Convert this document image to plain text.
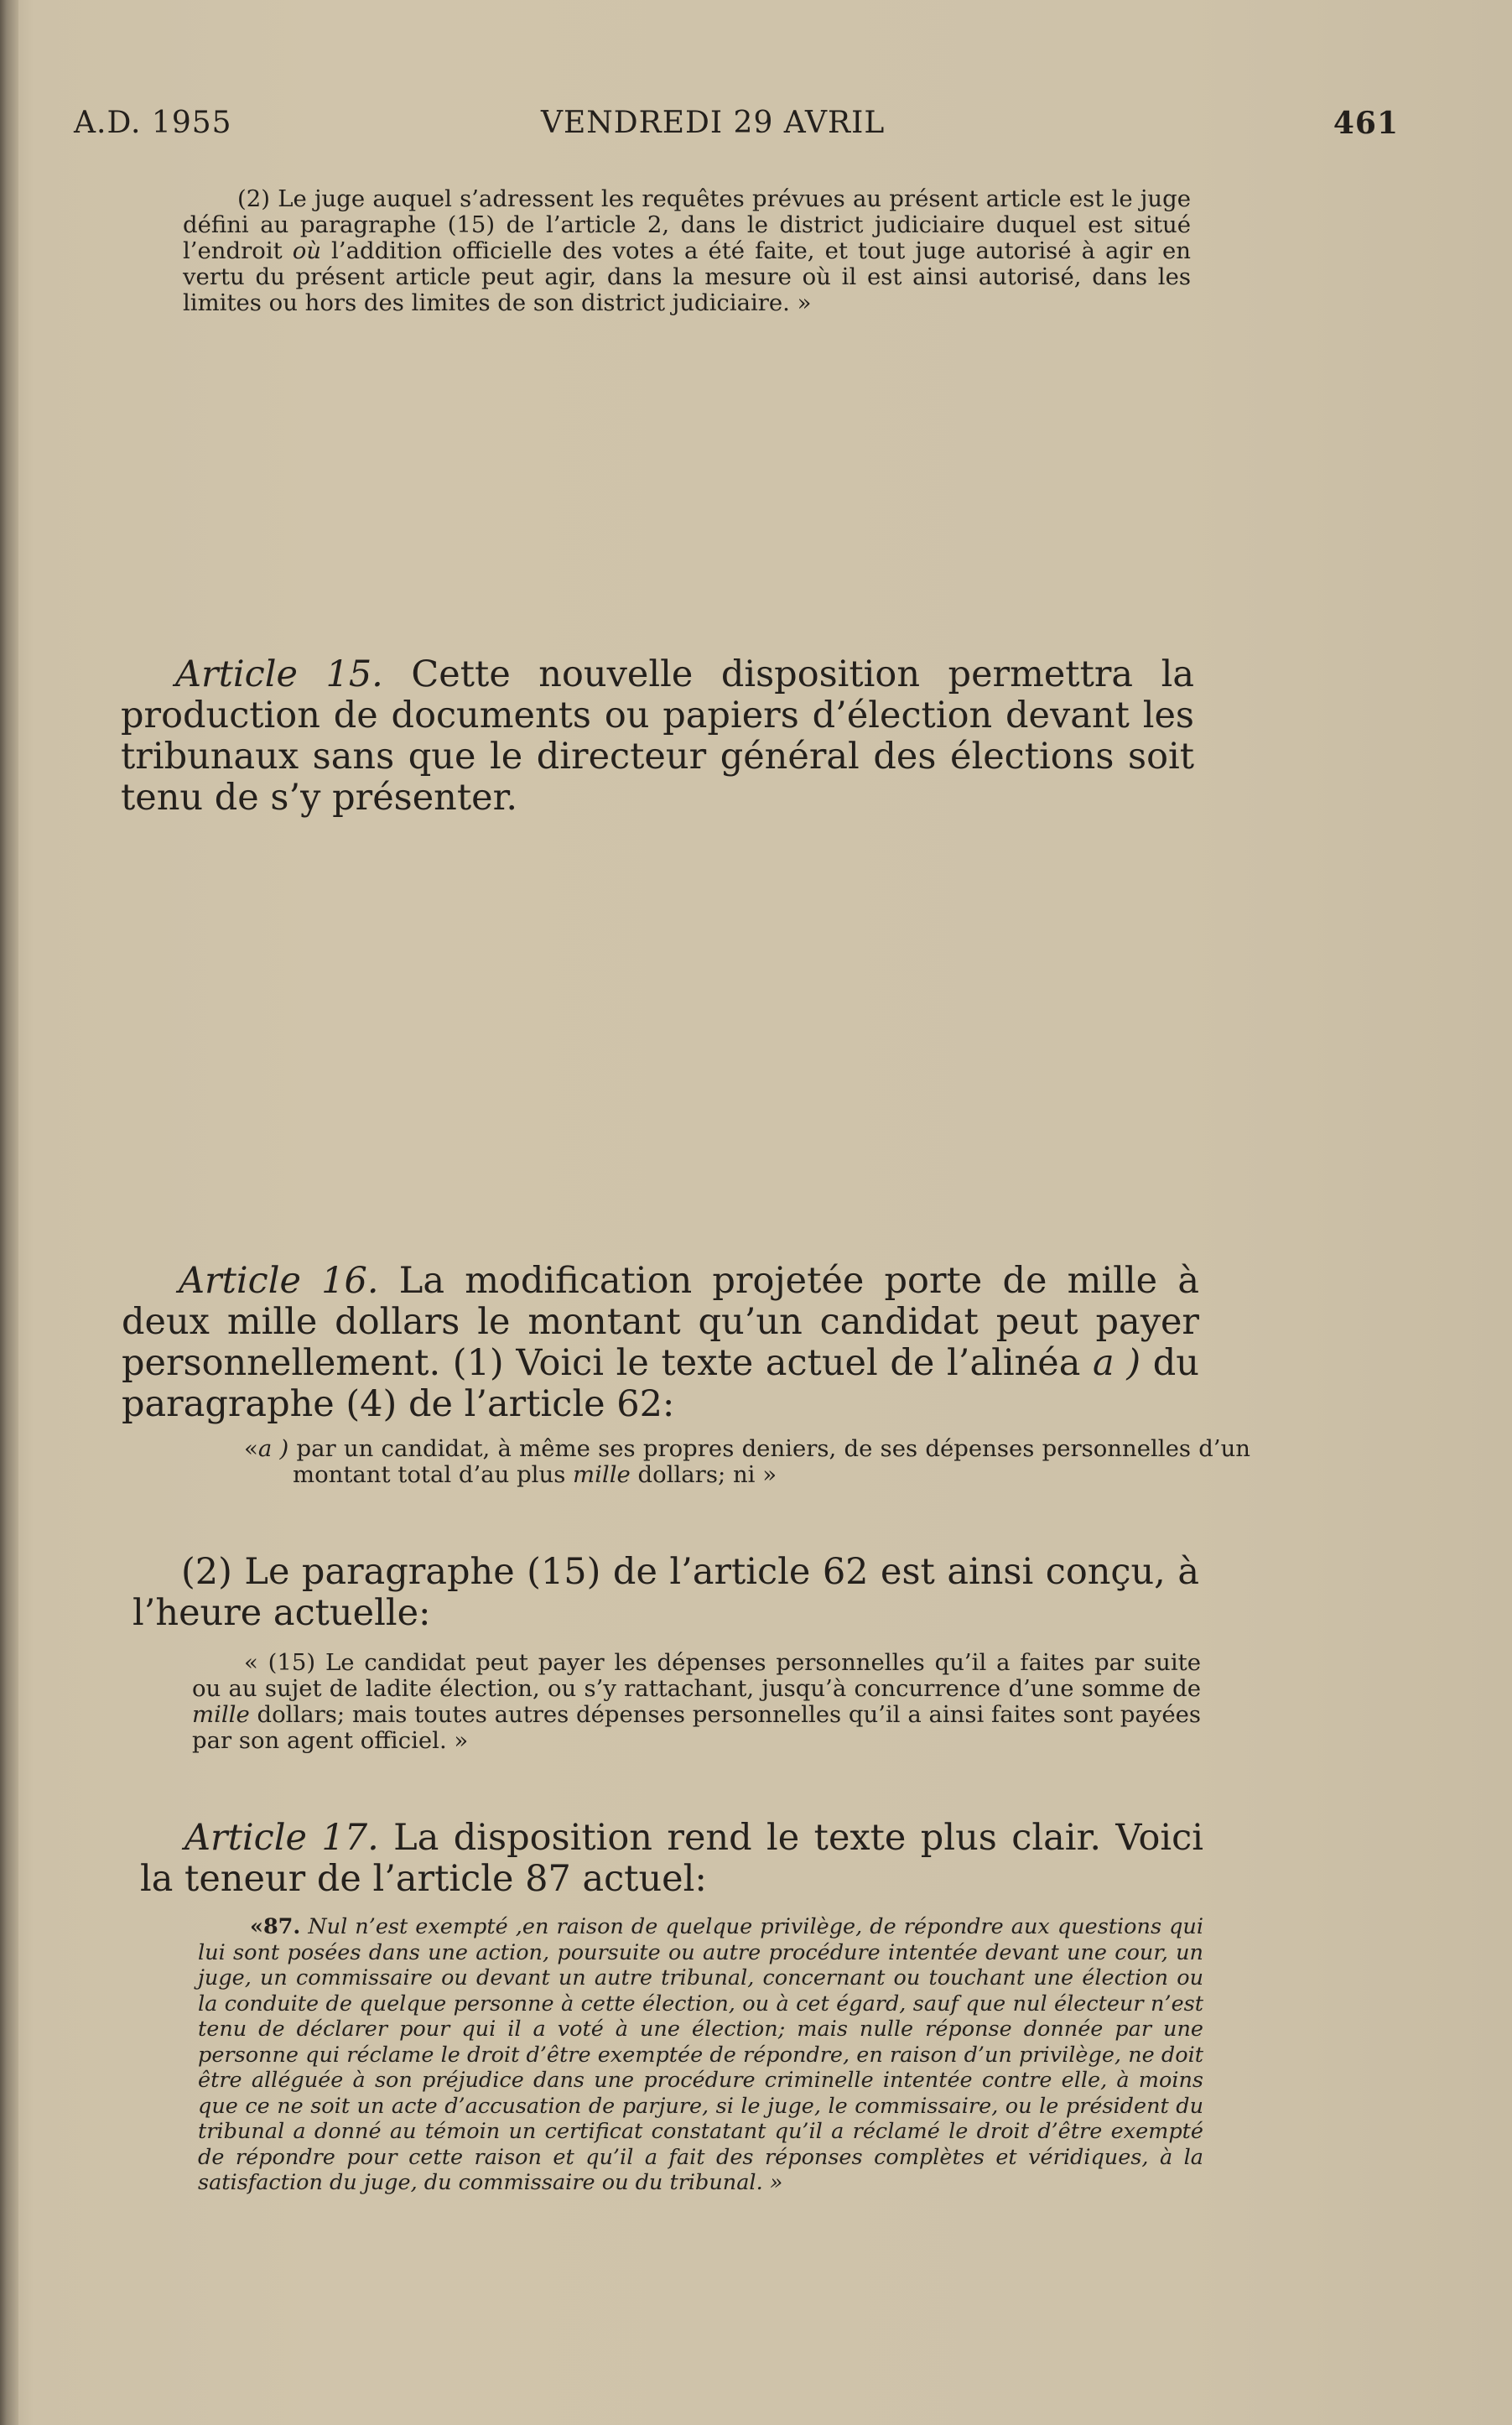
A.D. 1955	VENDREDI 29 AVRIL	461

(2) Le juge auquel s’adressent les requêtes prévues au présent article est le juge défini au paragraphe (15) de l’article 2, dans le district judiciaire duquel est situé l’endroit où l’addition officielle des votes a été faite, et tout juge autorisé à agir en vertu du présent article peut agir, dans la mesure où il est ainsi autorisé, dans les limites ou hors des limites de son district judiciaire. »

Article 15. Cette nouvelle disposition permettra la production de documents ou papiers d’élection devant les tribunaux sans que le directeur général des élections soit tenu de s’y présenter.

Article 16. La modification projetée porte de mille à deux mille dollars le montant qu’un candidat peut payer personnellement. (1) Voici le texte actuel de l’alinéa a ) du paragraphe (4) de l’article 62:

«a ) par un candidat, à même ses propres deniers, de ses dépenses personnelles d’un montant total d’au plus mille dollars; ni »

(2) Le paragraphe (15) de l’article 62 est ainsi conçu, à l’heure actuelle:

« (15) Le candidat peut payer les dépenses personnelles qu’il a faites par suite ou au sujet de ladite élection, ou s’y rattachant, jusqu’à concurrence d’une somme de mille dollars; mais toutes autres dépenses personnelles qu’il a ainsi faites sont payées par son agent officiel. »

Article 17. La disposition rend le texte plus clair. Voici la teneur de l’article 87 actuel:

«87. Nul n’est exempté ,en raison de quelque privilège, de répondre aux questions qui lui sont posées dans une action, poursuite ou autre procédure intentée devant une cour, un juge, un commissaire ou devant un autre tribunal, concernant ou touchant une élection ou la conduite de quelque personne à cette élection, ou à cet égard, sauf que nul électeur n’est tenu de déclarer pour qui il a voté à une élection; mais nulle réponse donnée par une personne qui réclame le droit d’être exemptée de répondre, en raison d’un privilège, ne doit être alléguée à son préjudice dans une procédure criminelle intentée contre elle, à moins que ce ne soit un acte d’accusation de parjure, si le juge, le commissaire, ou le président du tribunal a donné au témoin un certificat constatant qu’il a réclamé le droit d’être exempté de répondre pour cette raison et qu’il a fait des réponses complètes et véridiques, à la satisfaction du juge, du commissaire ou du tribunal. »
